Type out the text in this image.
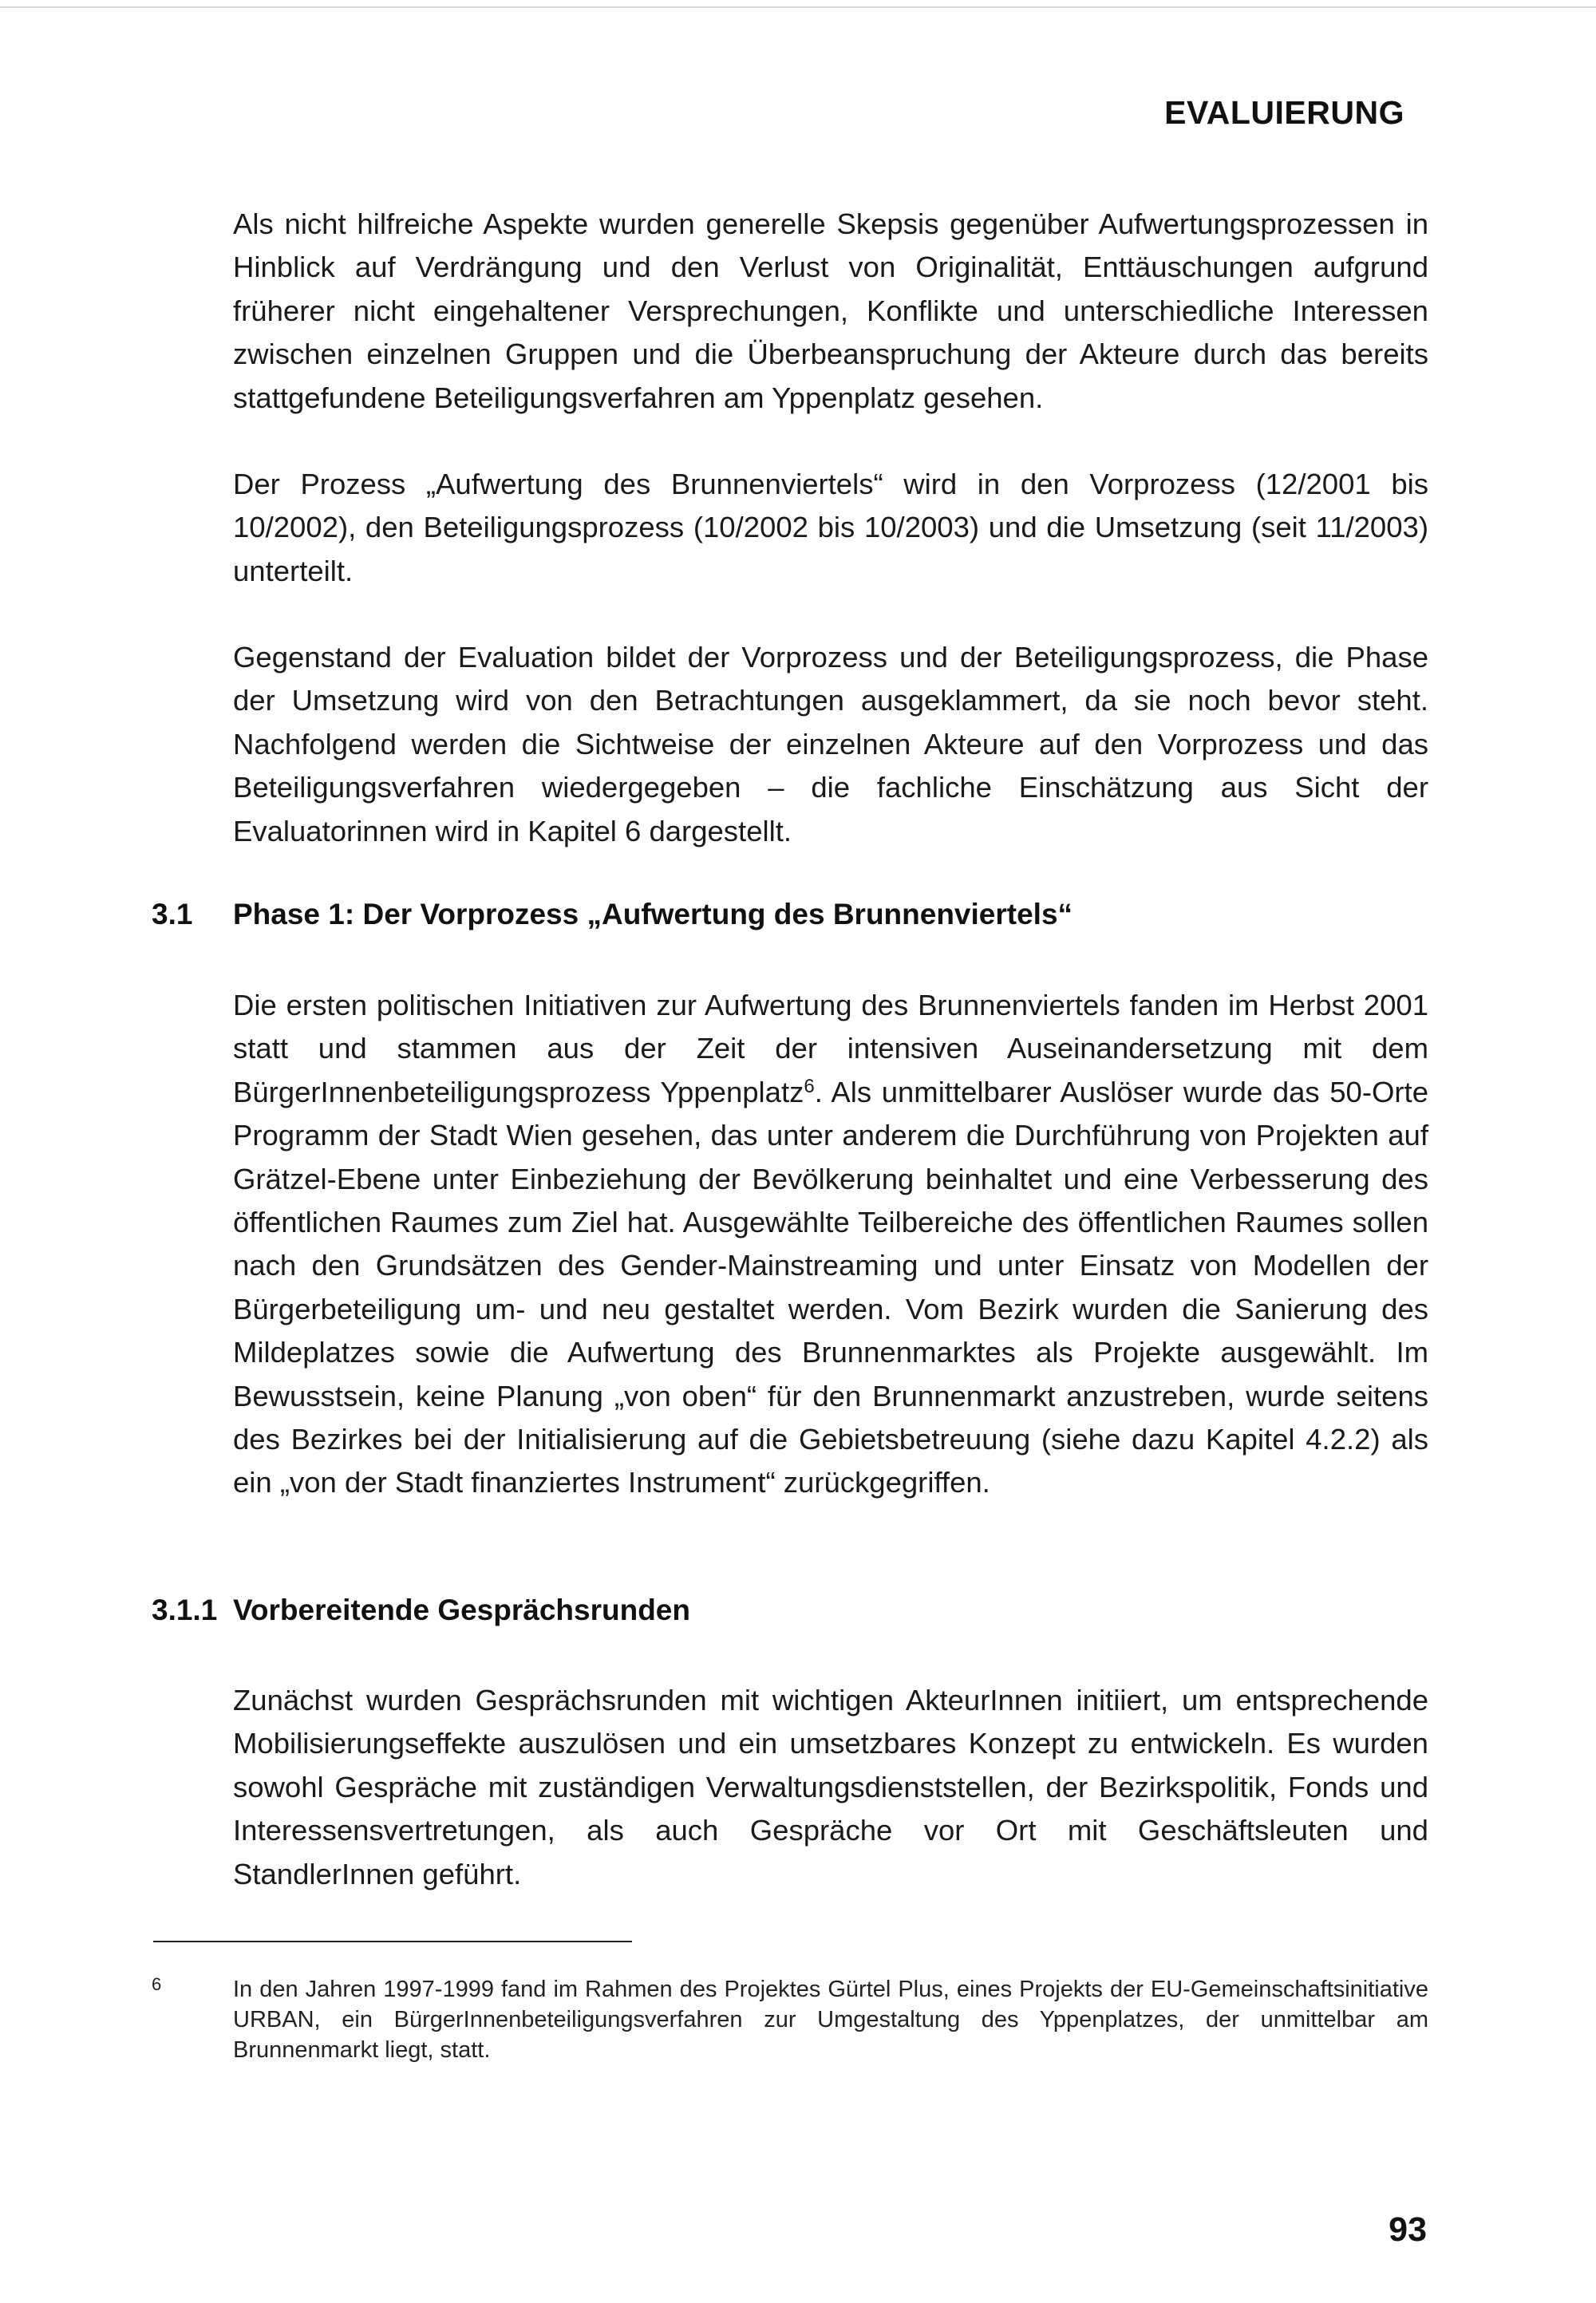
EVALUIERUNG

Als nicht hilfreiche Aspekte wurden generelle Skepsis gegenüber Aufwertungsprozessen in Hinblick auf Verdrängung und den Verlust von Originalität, Enttäuschungen aufgrund früherer nicht eingehaltener Versprechungen, Konflikte und unterschiedliche Interessen zwischen einzelnen Gruppen und die Überbeanspruchung der Akteure durch das bereits stattgefundene Beteiligungsverfahren am Yppenplatz gesehen.

Der Prozess „Aufwertung des Brunnenviertels“ wird in den Vorprozess (12/2001 bis 10/2002), den Beteiligungsprozess (10/2002 bis 10/2003) und die Umsetzung (seit 11/2003) unterteilt.

Gegenstand der Evaluation bildet der Vorprozess und der Beteiligungsprozess, die Phase der Umsetzung wird von den Betrachtungen ausgeklammert, da sie noch bevor steht. Nachfolgend werden die Sichtweise der einzelnen Akteure auf den Vorprozess und das Beteiligungsverfahren wiedergegeben – die fachliche Einschätzung aus Sicht der Evaluatorinnen wird in Kapitel 6 dargestellt.

3.1 Phase 1: Der Vorprozess „Aufwertung des Brunnenviertels“

Die ersten politischen Initiativen zur Aufwertung des Brunnenviertels fanden im Herbst 2001 statt und stammen aus der Zeit der intensiven Auseinandersetzung mit dem BürgerInnenbeteiligungsprozess Yppenplatz$^6$. Als unmittelbarer Auslöser wurde das 50-Orte Programm der Stadt Wien gesehen, das unter anderem die Durchführung von Projekten auf Grätzel-Ebene unter Einbeziehung der Bevölkerung beinhaltet und eine Verbesserung des öffentlichen Raumes zum Ziel hat. Ausgewählte Teilbereiche des öffentlichen Raumes sollen nach den Grundsätzen des Gender-Mainstreaming und unter Einsatz von Modellen der Bürgerbeteiligung um- und neu gestaltet werden. Vom Bezirk wurden die Sanierung des Mildeplatzes sowie die Aufwertung des Brunnenmarktes als Projekte ausgewählt. Im Bewusstsein, keine Planung „von oben“ für den Brunnenmarkt anzustreben, wurde seitens des Bezirkes bei der Initialisierung auf die Gebietsbetreuung (siehe dazu Kapitel 4.2.2) als ein „von der Stadt finanziertes Instrument“ zurückgegriffen.

3.1.1 Vorbereitende Gesprächsrunden

Zunächst wurden Gesprächsrunden mit wichtigen AkteurInnen initiiert, um entsprechende Mobilisierungseffekte auszulösen und ein umsetzbares Konzept zu entwickeln. Es wurden sowohl Gespräche mit zuständigen Verwaltungsdienststellen, der Bezirkspolitik, Fonds und Interessensvertretungen, als auch Gespräche vor Ort mit Geschäftsleuten und StandlerInnen geführt.

6	In den Jahren 1997-1999 fand im Rahmen des Projektes Gürtel Plus, eines Projekts der EU-Gemeinschaftsinitiative URBAN, ein BürgerInnenbeteiligungsverfahren zur Umgestaltung des Yppenplatzes, der unmittelbar am Brunnenmarkt liegt, statt.

93
